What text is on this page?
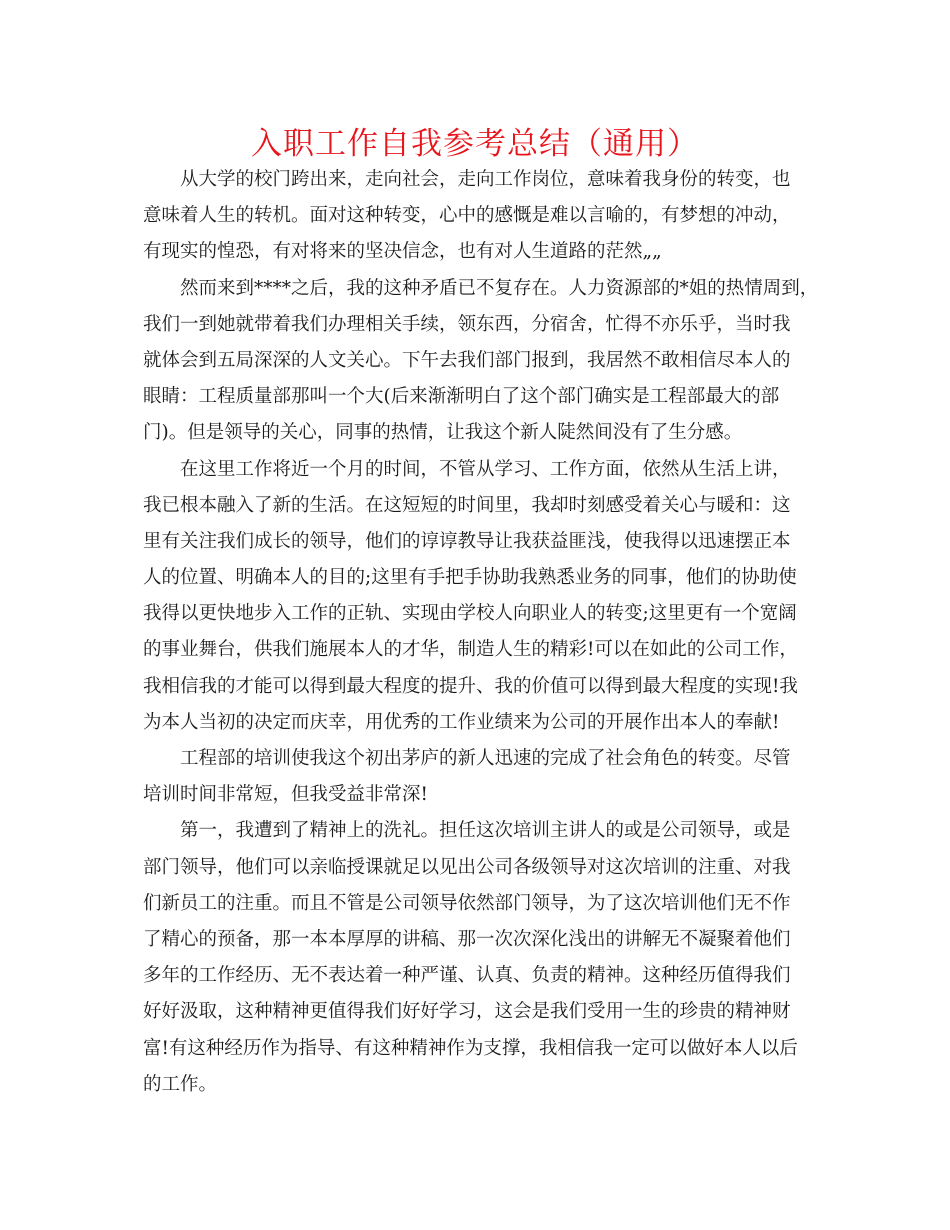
入职工作自我参考总结（通用）
从大学的校门跨出来，走向社会，走向工作岗位，意味着我身份的转变，也
意味着人生的转机。面对这种转变，心中的感慨是难以言喻的，有梦想的冲动，
有现实的惶恐，有对将来的坚决信念，也有对人生道路的茫然„„
然而来到****之后，我的这种矛盾已不复存在。人力资源部的*姐的热情周到，
我们一到她就带着我们办理相关手续，领东西，分宿舍，忙得不亦乐乎，当时我
就体会到五局深深的人文关心。下午去我们部门报到，我居然不敢相信尽本人的
眼睛：工程质量部那叫一个大(后来渐渐明白了这个部门确实是工程部最大的部
门)。但是领导的关心，同事的热情，让我这个新人陡然间没有了生分感。
在这里工作将近一个月的时间，不管从学习、工作方面，依然从生活上讲，
我已根本融入了新的生活。在这短短的时间里，我却时刻感受着关心与暖和：这
里有关注我们成长的领导，他们的谆谆教导让我获益匪浅，使我得以迅速摆正本
人的位置、明确本人的目的;这里有手把手协助我熟悉业务的同事，他们的协助使
我得以更快地步入工作的正轨、实现由学校人向职业人的转变;这里更有一个宽阔
的事业舞台，供我们施展本人的才华，制造人生的精彩!可以在如此的公司工作，
我相信我的才能可以得到最大程度的提升、我的价值可以得到最大程度的实现!我
为本人当初的决定而庆幸，用优秀的工作业绩来为公司的开展作出本人的奉献!
工程部的培训使我这个初出茅庐的新人迅速的完成了社会角色的转变。尽管
培训时间非常短，但我受益非常深!
第一，我遭到了精神上的洗礼。担任这次培训主讲人的或是公司领导，或是
部门领导，他们可以亲临授课就足以见出公司各级领导对这次培训的注重、对我
们新员工的注重。而且不管是公司领导依然部门领导，为了这次培训他们无不作
了精心的预备，那一本本厚厚的讲稿、那一次次深化浅出的讲解无不凝聚着他们
多年的工作经历、无不表达着一种严谨、认真、负责的精神。这种经历值得我们
好好汲取，这种精神更值得我们好好学习，这会是我们受用一生的珍贵的精神财
富!有这种经历作为指导、有这种精神作为支撑，我相信我一定可以做好本人以后
的工作。
